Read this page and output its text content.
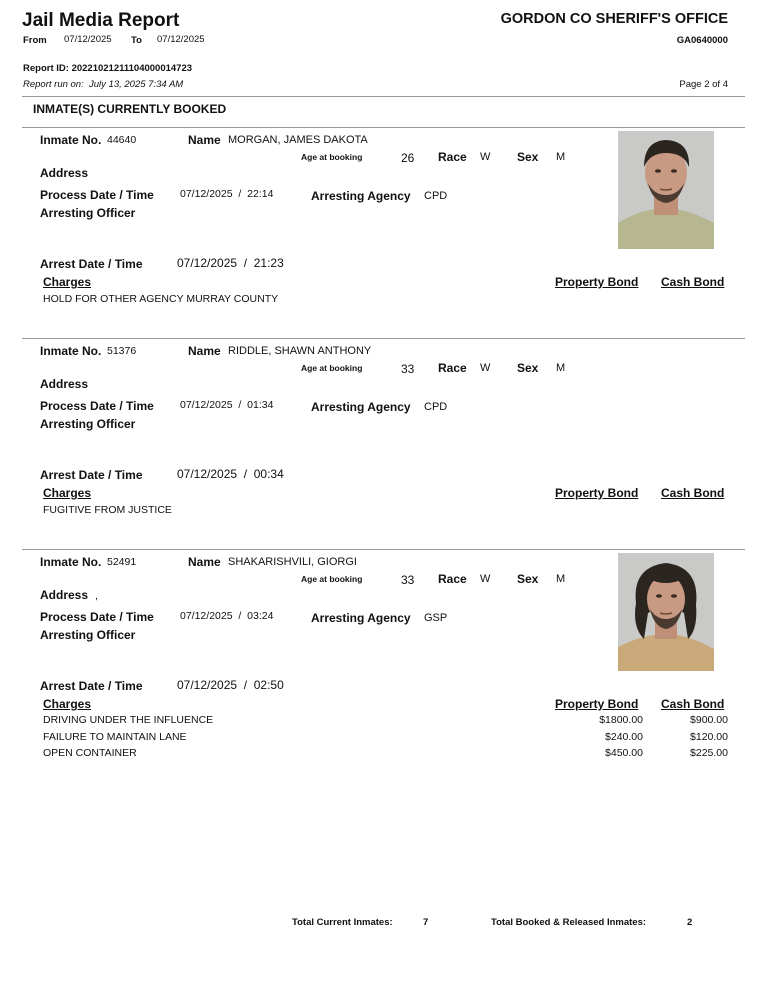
Jail Media Report	GORDON CO SHERIFF'S OFFICE
GA0640000
From 07/12/2025 To 07/12/2025
Report ID: 20221021211104000014723
Report run on: July 13, 2025 7:34 AM	Page 2 of 4
INMATE(S) CURRENTLY BOOKED
Inmate No. 44640	Name MORGAN, JAMES DAKOTA
Age at booking	26 Race W Sex M
Address
Process Date / Time 07/12/2025  /  22:14	Arresting Agency CPD
Arresting Officer
Arrest Date / Time	07/12/2025  /  21:23
Charges	Property Bond Cash Bond
HOLD FOR OTHER AGENCY MURRAY COUNTY
Inmate No. 51376	Name RIDDLE, SHAWN ANTHONY
Age at booking	33 Race W Sex M
Address
Process Date / Time 07/12/2025  /  01:34	Arresting Agency CPD
Arresting Officer
Arrest Date / Time	07/12/2025  /  00:34
Charges	Property Bond Cash Bond
FUGITIVE FROM JUSTICE
Inmate No. 52491	Name SHAKARISHVILI, GIORGI
Age at booking	33 Race W Sex M
Address ,
Process Date / Time 07/12/2025  /  03:24	Arresting Agency GSP
Arresting Officer
Arrest Date / Time	07/12/2025  /  02:50
Charges	Property Bond Cash Bond
DRIVING UNDER THE INFLUENCE	$1800.00	$900.00
FAILURE TO MAINTAIN LANE	$240.00	$120.00
OPEN CONTAINER	$450.00	$225.00
Total Current Inmates:	7	Total Booked & Released Inmates:	2
